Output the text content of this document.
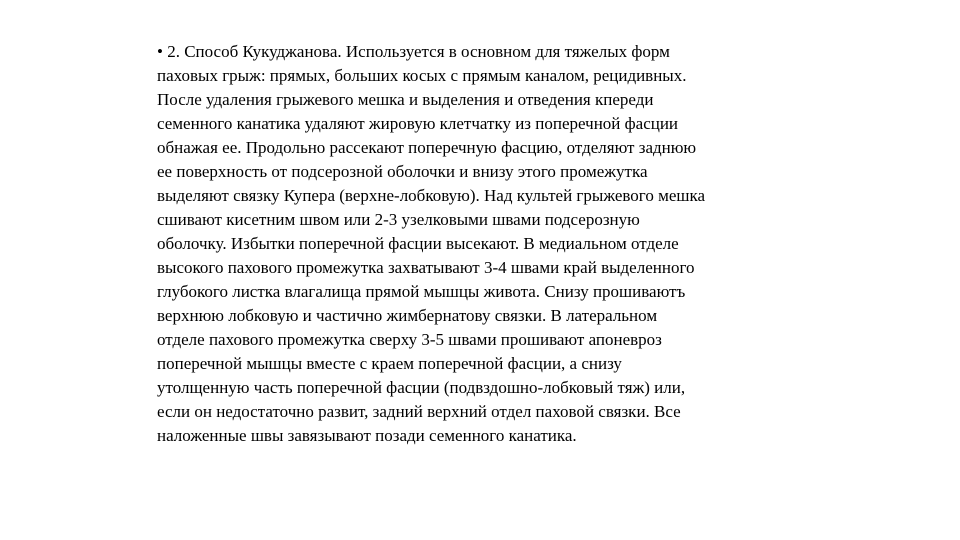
• 2. Способ Кукуджанова. Используется в основном для тяжелых форм
паховых грыж: прямых, больших косых с прямым каналом, рецидивных.
После удаления грыжевого мешка и выделения и отведения кпереди
семенного канатика удаляют жировую клетчатку из поперечной фасции
обнажая ее. Продольно рассекают поперечную фасцию, отделяют заднюю
ее поверхность от подсерозной оболочки и внизу этого промежутка
выделяют связку Купера (верхне-лобковую). Над культей грыжевого мешка
сшивают кисетним швом или 2-3 узелковыми швами подсерозную
оболочку. Избытки поперечной фасции высекают. В медиальном отделе
высокого пахового промежутка захватывают 3-4 швами край выделенного
глубокого листка влагалища прямой мышцы живота. Снизу прошиваютъ
верхнюю лобковую и частично жимбернатову связки. В латеральном
отделе пахового промежутка сверху 3-5 швами прошивают апоневроз
поперечной мышцы вместе с краем поперечной фасции, а снизу
утолщенную часть поперечной фасции (подвздошно-лобковый тяж) или,
если он недостаточно развит, задний верхний отдел паховой связки. Все
наложенные швы завязывают позади семенного канатика.
